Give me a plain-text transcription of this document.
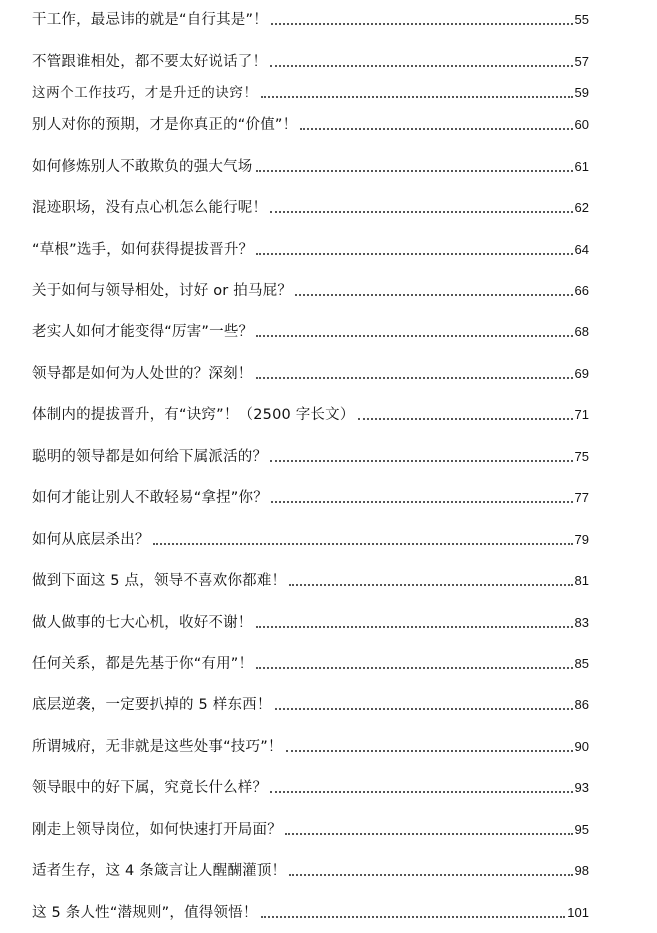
干工作，最忌讳的就是“自行其是”！	55
不管跟谁相处，都不要太好说话了！	57
这两个工作技巧，才是升迁的诀窍！	59
别人对你的预期，才是你真正的“价值”！	60
如何修炼别人不敢欺负的强大气场	61
混迹职场，没有点心机怎么能行呢！	62
“草根”选手，如何获得提拔晋升？	64
关于如何与领导相处，讨好 or 拍马屁？	66
老实人如何才能变得“厉害”一些？	68
领导都是如何为人处世的？深刻！	69
体制内的提拔晋升，有“诀窍”！（2500 字长文）	71
聪明的领导都是如何给下属派活的？	75
如何才能让别人不敢轻易“拿捏”你？	77
如何从底层杀出？	79
做到下面这 5 点，领导不喜欢你都难！	81
做人做事的七大心机，收好不谢！	83
任何关系，都是先基于你“有用”！	85
底层逆袭，一定要扒掉的 5 样东西！	86
所谓城府，无非就是这些处事“技巧”！	90
领导眼中的好下属，究竟长什么样？	93
刚走上领导岗位，如何快速打开局面？	95
适者生存，这 4 条箴言让人醒醐灌顶！	98
这 5 条人性“潜规则”，值得领悟！	101
